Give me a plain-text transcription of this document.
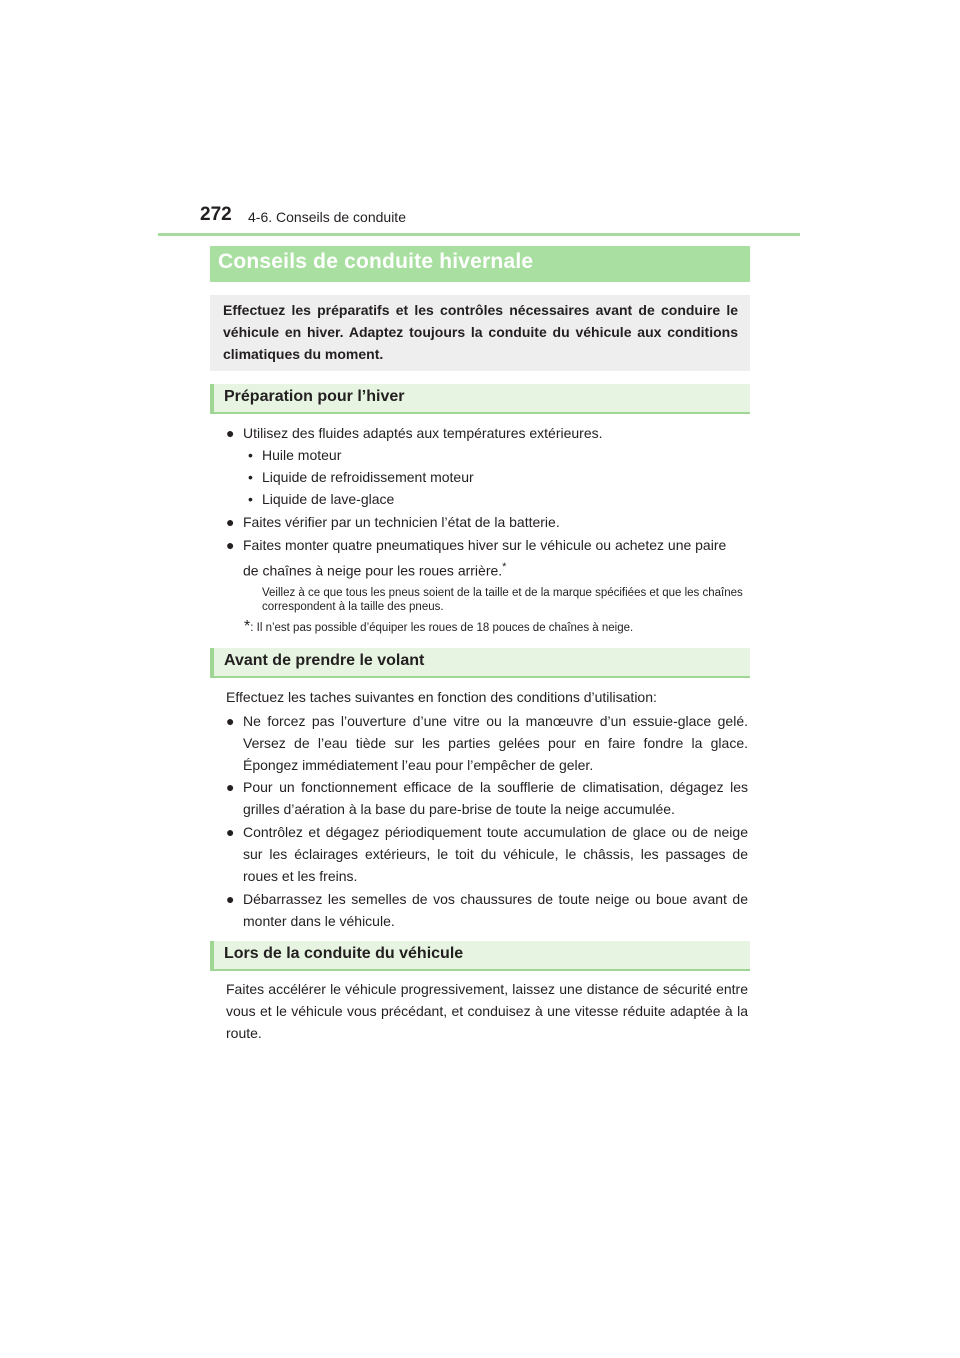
272 4-6. Conseils de conduite
Conseils de conduite hivernale
Effectuez les préparatifs et les contrôles nécessaires avant de conduire le véhicule en hiver. Adaptez toujours la conduite du véhicule aux conditions climatiques du moment.
Préparation pour l’hiver
● Utilisez des fluides adaptés aux températures extérieures.
• Huile moteur
• Liquide de refroidissement moteur
• Liquide de lave-glace
● Faites vérifier par un technicien l’état de la batterie.
● Faites monter quatre pneumatiques hiver sur le véhicule ou achetez une paire
de chaînes à neige pour les roues arrière.*
Veillez à ce que tous les pneus soient de la taille et de la marque spécifiées et que les chaînes correspondent à la taille des pneus.
*: Il n’est pas possible d’équiper les roues de 18 pouces de chaînes à neige.
Avant de prendre le volant
Effectuez les taches suivantes en fonction des conditions d’utilisation:
● Ne forcez pas l’ouverture d’une vitre ou la manœuvre d’un essuie-glace gelé. Versez de l’eau tiède sur les parties gelées pour en faire fondre la glace. Épongez immédiatement l’eau pour l’empêcher de geler.
● Pour un fonctionnement efficace de la soufflerie de climatisation, dégagez les grilles d’aération à la base du pare-brise de toute la neige accumulée.
● Contrôlez et dégagez périodiquement toute accumulation de glace ou de neige sur les éclairages extérieurs, le toit du véhicule, le châssis, les passages de roues et les freins.
● Débarrassez les semelles de vos chaussures de toute neige ou boue avant de monter dans le véhicule.
Lors de la conduite du véhicule
Faites accélérer le véhicule progressivement, laissez une distance de sécurité entre vous et le véhicule vous précédant, et conduisez à une vitesse réduite adaptée à la route.
